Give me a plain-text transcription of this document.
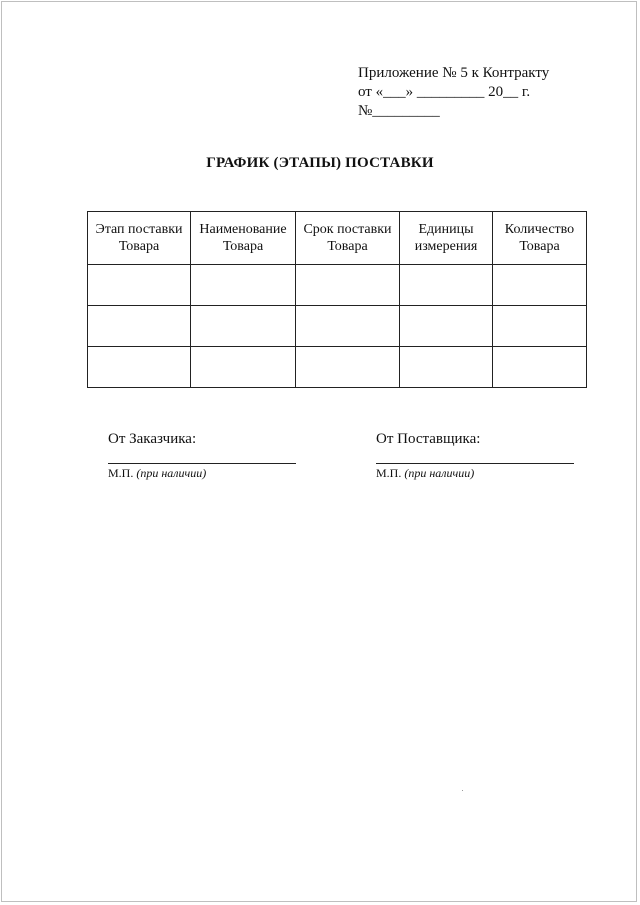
Приложение № 5 к Контракту
от «___» _________ 20__ г.
№_________
ГРАФИК (ЭТАПЫ) ПОСТАВКИ
Этап поставки Товара	Наименование Товара	Срок поставки Товара	Единицы измерения	Количество Товара

От Заказчика:
М.П. (при наличии)
От Поставщика:
М.П. (при наличии)
